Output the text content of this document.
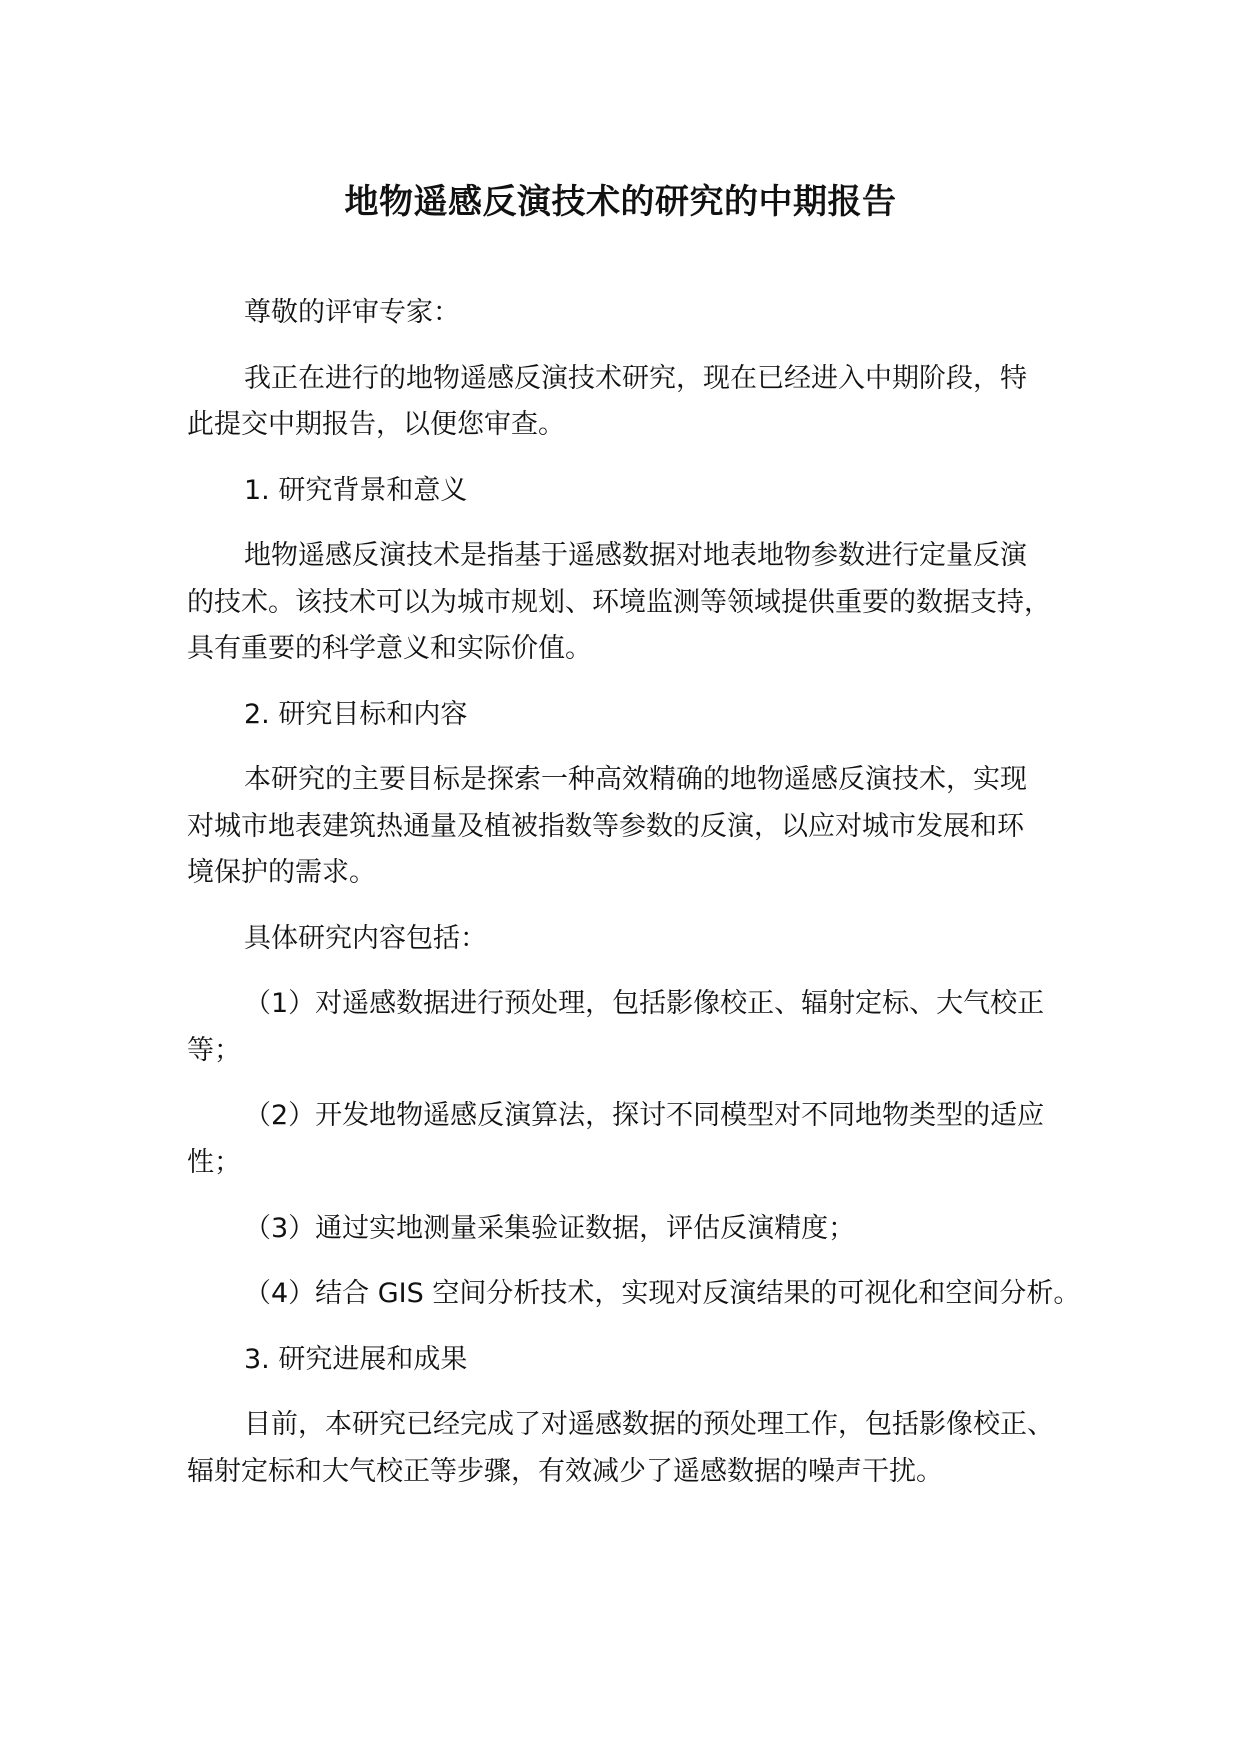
地物遥感反演技术的研究的中期报告
尊敬的评审专家：
我正在进行的地物遥感反演技术研究，现在已经进入中期阶段，特
此提交中期报告，以便您审查。
1. 研究背景和意义
地物遥感反演技术是指基于遥感数据对地表地物参数进行定量反演
的技术。该技术可以为城市规划、环境监测等领域提供重要的数据支持，
具有重要的科学意义和实际价值。
2. 研究目标和内容
本研究的主要目标是探索一种高效精确的地物遥感反演技术，实现
对城市地表建筑热通量及植被指数等参数的反演，以应对城市发展和环
境保护的需求。
具体研究内容包括：
（1）对遥感数据进行预处理，包括影像校正、辐射定标、大气校正
等；
（2）开发地物遥感反演算法，探讨不同模型对不同地物类型的适应
性；
（3）通过实地测量采集验证数据，评估反演精度；
（4）结合 GIS 空间分析技术，实现对反演结果的可视化和空间分析。
3. 研究进展和成果
目前，本研究已经完成了对遥感数据的预处理工作，包括影像校正、
辐射定标和大气校正等步骤，有效减少了遥感数据的噪声干扰。
